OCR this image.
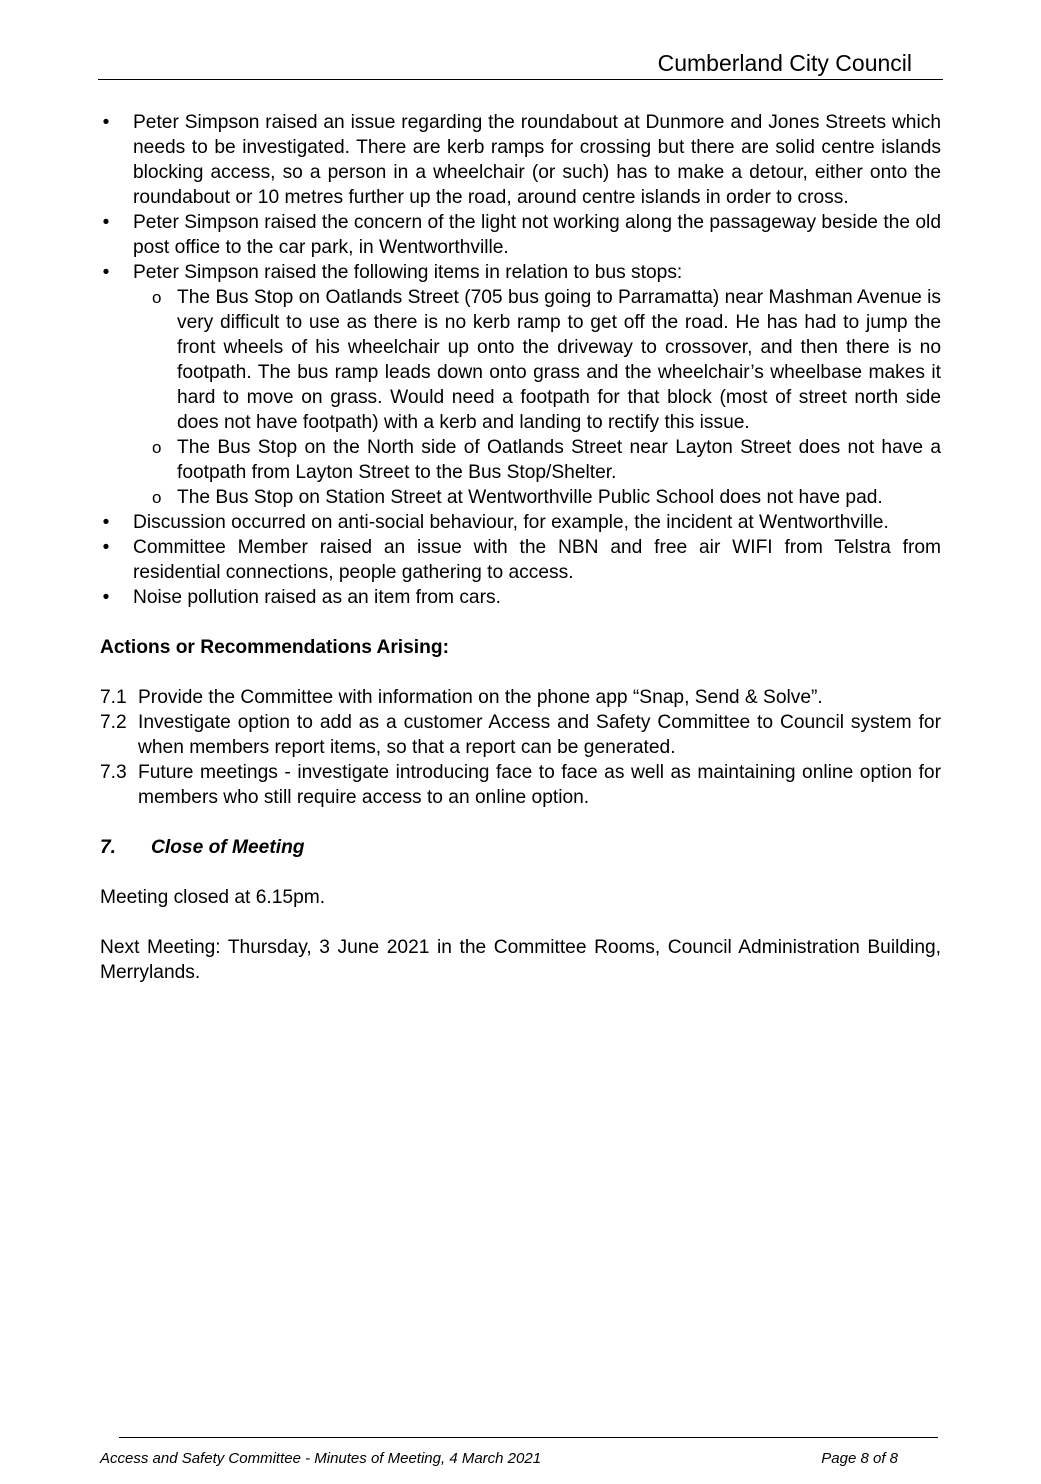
Cumberland City Council
• Peter Simpson raised an issue regarding the roundabout at Dunmore and Jones Streets which needs to be investigated. There are kerb ramps for crossing but there are solid centre islands blocking access, so a person in a wheelchair (or such) has to make a detour, either onto the roundabout or 10 metres further up the road, around centre islands in order to cross.
• Peter Simpson raised the concern of the light not working along the passageway beside the old post office to the car park, in Wentworthville.
• Peter Simpson raised the following items in relation to bus stops:
o The Bus Stop on Oatlands Street (705 bus going to Parramatta) near Mashman Avenue is very difficult to use as there is no kerb ramp to get off the road. He has had to jump the front wheels of his wheelchair up onto the driveway to crossover, and then there is no footpath. The bus ramp leads down onto grass and the wheelchair’s wheelbase makes it hard to move on grass. Would need a footpath for that block (most of street north side does not have footpath) with a kerb and landing to rectify this issue.
o The Bus Stop on the North side of Oatlands Street near Layton Street does not have a footpath from Layton Street to the Bus Stop/Shelter.
o The Bus Stop on Station Street at Wentworthville Public School does not have pad.
• Discussion occurred on anti-social behaviour, for example, the incident at Wentworthville.
• Committee Member raised an issue with the NBN and free air WIFI from Telstra from residential connections, people gathering to access.
• Noise pollution raised as an item from cars.
Actions or Recommendations Arising:
7.1 Provide the Committee with information on the phone app “Snap, Send & Solve”.
7.2 Investigate option to add as a customer Access and Safety Committee to Council system for when members report items, so that a report can be generated.
7.3 Future meetings - investigate introducing face to face as well as maintaining online option for members who still require access to an online option.
7. Close of Meeting
Meeting closed at 6.15pm.
Next Meeting: Thursday, 3 June 2021 in the Committee Rooms, Council Administration Building, Merrylands.
Access and Safety Committee - Minutes of Meeting, 4 March 2021	Page 8 of 8
